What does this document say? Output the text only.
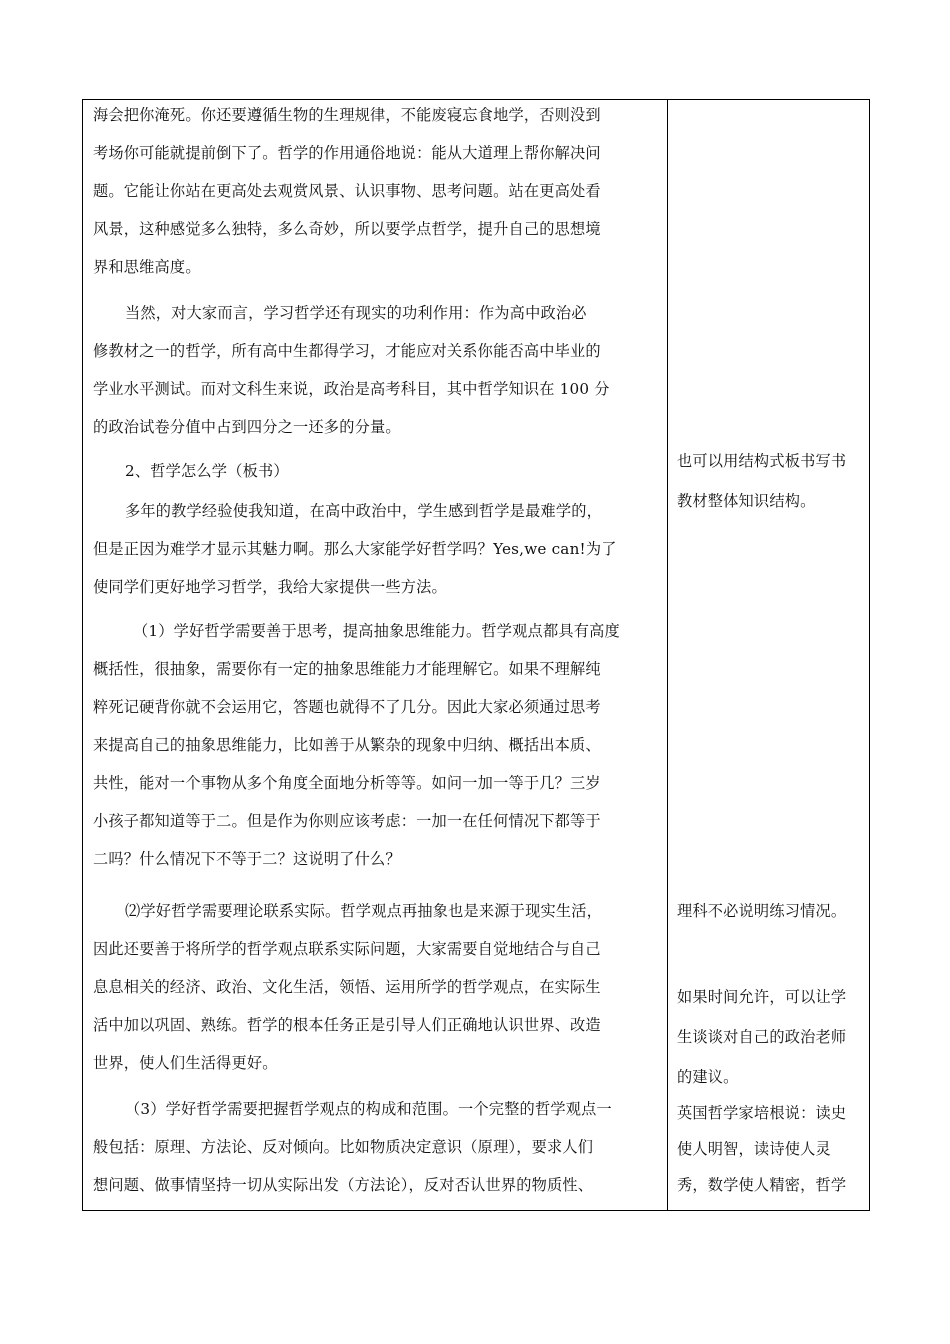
海会把你淹死。你还要遵循生物的生理规律，不能废寝忘食地学，否则没到
考场你可能就提前倒下了。哲学的作用通俗地说：能从大道理上帮你解决问
题。它能让你站在更高处去观赏风景、认识事物、思考问题。站在更高处看
风景，这种感觉多么独特，多么奇妙，所以要学点哲学，提升自己的思想境
界和思维高度。
当然，对大家而言，学习哲学还有现实的功利作用：作为高中政治必
修教材之一的哲学，所有高中生都得学习，才能应对关系你能否高中毕业的
学业水平测试。而对文科生来说，政治是高考科目，其中哲学知识在 100 分
的政治试卷分值中占到四分之一还多的分量。
2、哲学怎么学（板书）
多年的教学经验使我知道，在高中政治中，学生感到哲学是最难学的，
但是正因为难学才显示其魅力啊。那么大家能学好哲学吗？Yes,we can!为了
使同学们更好地学习哲学，我给大家提供一些方法。
（1）学好哲学需要善于思考，提高抽象思维能力。哲学观点都具有高度
概括性，很抽象，需要你有一定的抽象思维能力才能理解它。如果不理解纯
粹死记硬背你就不会运用它，答题也就得不了几分。因此大家必须通过思考
来提高自己的抽象思维能力，比如善于从繁杂的现象中归纳、概括出本质、
共性，能对一个事物从多个角度全面地分析等等。如问一加一等于几？三岁
小孩子都知道等于二。但是作为你则应该考虑：一加一在任何情况下都等于
二吗？什么情况下不等于二？这说明了什么？
⑵学好哲学需要理论联系实际。哲学观点再抽象也是来源于现实生活，
因此还要善于将所学的哲学观点联系实际问题，大家需要自觉地结合与自己
息息相关的经济、政治、文化生活，领悟、运用所学的哲学观点，在实际生
活中加以巩固、熟练。哲学的根本任务正是引导人们正确地认识世界、改造
世界，使人们生活得更好。
（3）学好哲学需要把握哲学观点的构成和范围。一个完整的哲学观点一
般包括：原理、方法论、反对倾向。比如物质决定意识（原理），要求人们
想问题、做事情坚持一切从实际出发（方法论），反对否认世界的物质性、
也可以用结构式板书写书
教材整体知识结构。
理科不必说明练习情况。
如果时间允许，可以让学
生谈谈对自己的政治老师
的建议。
英国哲学家培根说：读史
使人明智，读诗使人灵
秀，数学使人精密，哲学
